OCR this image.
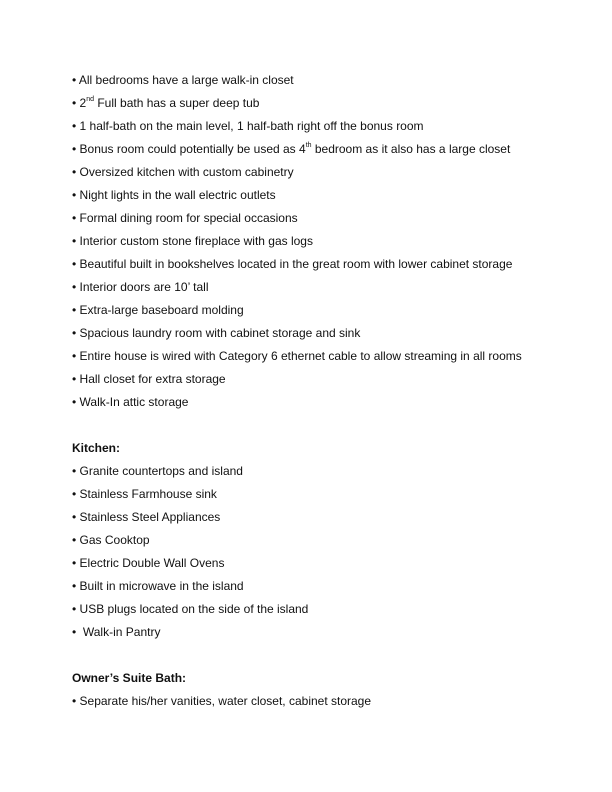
• All bedrooms have a large walk-in closet
• 2nd Full bath has a super deep tub
• 1 half-bath on the main level, 1 half-bath right off the bonus room
• Bonus room could potentially be used as 4th bedroom as it also has a large closet
• Oversized kitchen with custom cabinetry
• Night lights in the wall electric outlets
• Formal dining room for special occasions
• Interior custom stone fireplace with gas logs
• Beautiful built in bookshelves located in the great room with lower cabinet storage
• Interior doors are 10’ tall
• Extra-large baseboard molding
• Spacious laundry room with cabinet storage and sink
• Entire house is wired with Category 6 ethernet cable to allow streaming in all rooms
• Hall closet for extra storage
• Walk-In attic storage
Kitchen:
• Granite countertops and island
• Stainless Farmhouse sink
• Stainless Steel Appliances
• Gas Cooktop
• Electric Double Wall Ovens
• Built in microwave in the island
• USB plugs located on the side of the island
•  Walk-in Pantry
Owner’s Suite Bath:
• Separate his/her vanities, water closet, cabinet storage
